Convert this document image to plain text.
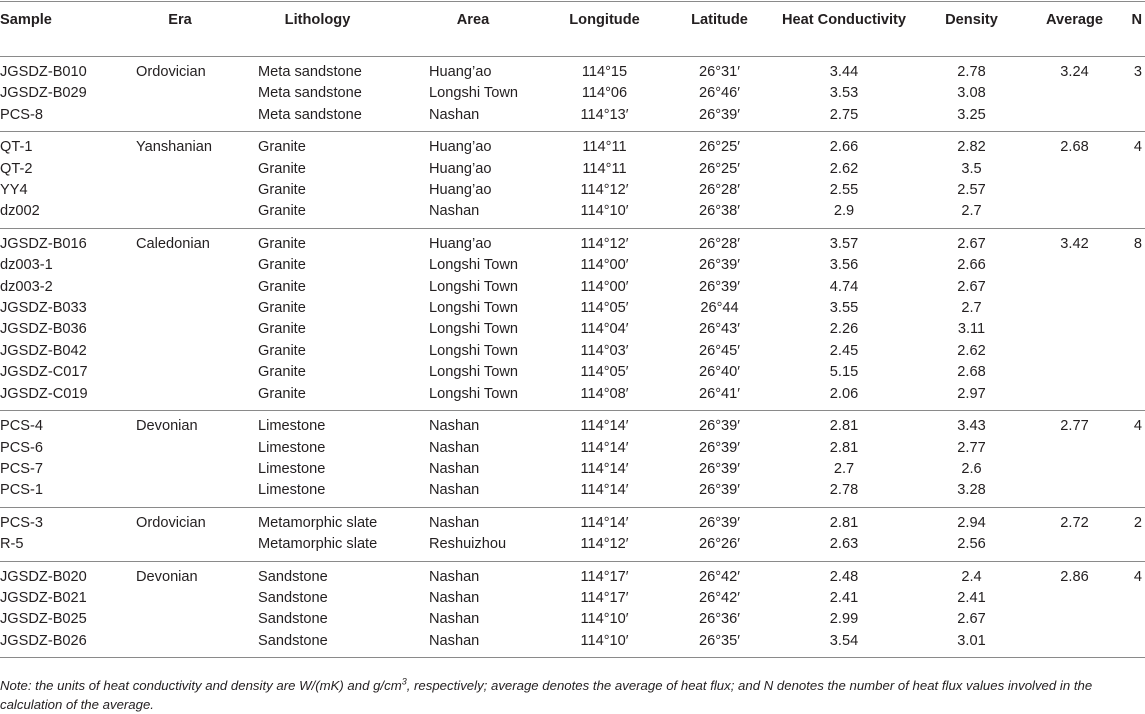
Sample	Era	Lithology	Area	Longitude	Latitude	Heat Conductivity	Density	Average	N
JGSDZ-B010	Ordovician	Meta sandstone	Huang’ao	114°15	26°31′	3.44	2.78	3.24	3
JGSDZ-B029		Meta sandstone	Longshi Town	114°06	26°46′	3.53	3.08		
PCS-8		Meta sandstone	Nashan	114°13′	26°39′	2.75	3.25		
QT-1	Yanshanian	Granite	Huang’ao	114°11	26°25′	2.66	2.82	2.68	4
QT-2		Granite	Huang’ao	114°11	26°25′	2.62	3.5		
YY4		Granite	Huang’ao	114°12′	26°28′	2.55	2.57		
dz002		Granite	Nashan	114°10′	26°38′	2.9	2.7		
JGSDZ-B016	Caledonian	Granite	Huang’ao	114°12′	26°28′	3.57	2.67	3.42	8
dz003-1		Granite	Longshi Town	114°00′	26°39′	3.56	2.66		
dz003-2		Granite	Longshi Town	114°00′	26°39′	4.74	2.67		
JGSDZ-B033		Granite	Longshi Town	114°05′	26°44	3.55	2.7		
JGSDZ-B036		Granite	Longshi Town	114°04′	26°43′	2.26	3.11		
JGSDZ-B042		Granite	Longshi Town	114°03′	26°45′	2.45	2.62		
JGSDZ-C017		Granite	Longshi Town	114°05′	26°40′	5.15	2.68		
JGSDZ-C019		Granite	Longshi Town	114°08′	26°41′	2.06	2.97		
PCS-4	Devonian	Limestone	Nashan	114°14′	26°39′	2.81	3.43	2.77	4
PCS-6		Limestone	Nashan	114°14′	26°39′	2.81	2.77		
PCS-7		Limestone	Nashan	114°14′	26°39′	2.7	2.6		
PCS-1		Limestone	Nashan	114°14′	26°39′	2.78	3.28		
PCS-3	Ordovician	Metamorphic slate	Nashan	114°14′	26°39′	2.81	2.94	2.72	2
R-5		Metamorphic slate	Reshuizhou	114°12′	26°26′	2.63	2.56		
JGSDZ-B020	Devonian	Sandstone	Nashan	114°17′	26°42′	2.48	2.4	2.86	4
JGSDZ-B021		Sandstone	Nashan	114°17′	26°42′	2.41	2.41		
JGSDZ-B025		Sandstone	Nashan	114°10′	26°36′	2.99	2.67		
JGSDZ-B026		Sandstone	Nashan	114°10′	26°35′	3.54	3.01		
Note: the units of heat conductivity and density are W/(mK) and $g/cm^3$, respectively; average denotes the average of heat flux; and N denotes the number of heat flux values involved in the calculation of the average.
